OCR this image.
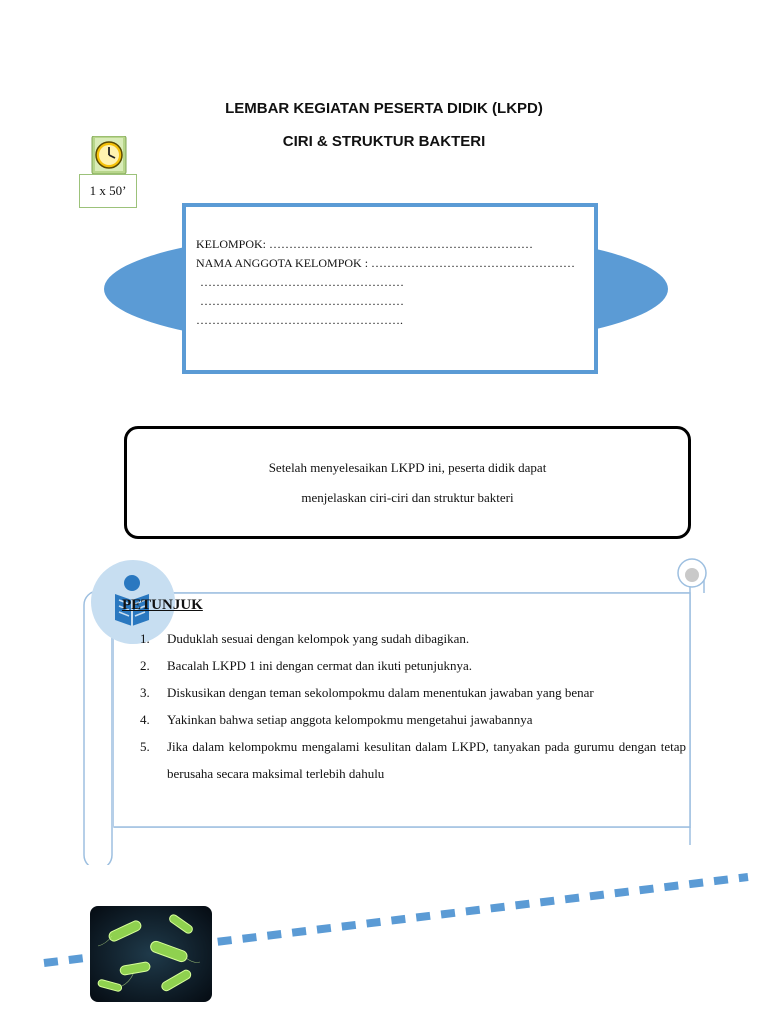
LEMBAR KEGIATAN PESERTA DIDIK (LKPD)
CIRI & STRUKTUR BAKTERI
1 x 50’
KELOMPOK: …………………………………………………………
NAMA ANGGOTA KELOMPOK : ……………………………………………
……………………………………………
……………………………………………
…………………………………………….
Setelah menyelesaikan LKPD ini, peserta didik dapat
menjelaskan ciri-ciri dan struktur bakteri
PETUNJUK
1.	Duduklah sesuai dengan kelompok yang sudah dibagikan.
2.	Bacalah LKPD 1 ini dengan cermat dan ikuti petunjuknya.
3.	Diskusikan dengan teman sekolompokmu dalam menentukan jawaban yang benar
4.	Yakinkan bahwa setiap anggota kelompokmu mengetahui jawabannya
5.	Jika dalam kelompokmu mengalami kesulitan dalam LKPD, tanyakan pada gurumu dengan tetap berusaha secara maksimal terlebih dahulu
